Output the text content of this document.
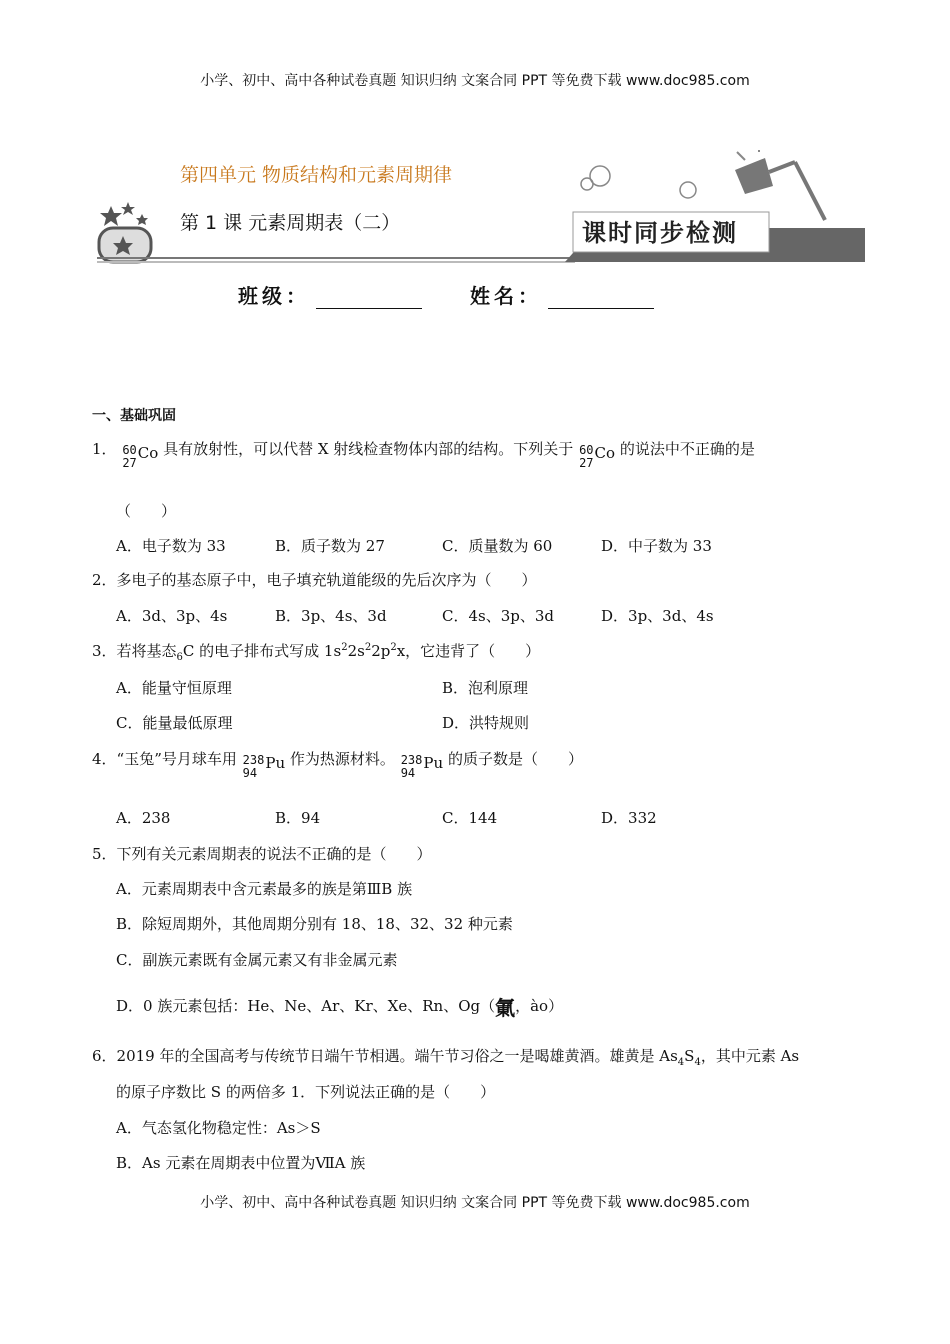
小学、初中、高中各种试卷真题 知识归纳 文案合同 PPT 等免费下载 www.doc985.com
小学、初中、高中各种试卷真题 知识归纳 文案合同 PPT 等免费下载 www.doc985.com
第四单元 物质结构和元素周期律
第 1 课 元素周期表（二）	课时同步检测
班级：	姓名：
一、基础巩固
1． 60
27
Co 具有放射性，可以代替 X 射线检查物体内部的结构。下列关于 60
27
Co 的说法中不正确的是
（　　）
A．电子数为 33	B．质子数为 27	C．质量数为 60	D．中子数为 33
2．多电子的基态原子中，电子填充轨道能级的先后次序为（　　）
A．3d、3p、4s	B．3p、4s、3d	C．4s、3p、3d	D．3p、3d、4s
3．若将基态$_6$C 的电子排布式写成 $1s^22s^22p^2x$，它违背了（　　）
A．能量守恒原理	B．泡利原理
C．能量最低原理	D．洪特规则
4．“玉兔”号月球车用 238
94
Pu 作为热源材料。 238
94
Pu 的质子数是（　　）
A．238	B．94	C．144	D．332
5．下列有关元素周期表的说法不正确的是（　　）
A．元素周期表中含元素最多的族是第ⅢB 族
B．除短周期外，其他周期分别有 18、18、32、32 种元素
C．副族元素既有金属元素又有非金属元素
D．0 族元素包括：He、Ne、Ar、Kr、Xe、Rn、Og（氭，ào）
6．2019 年的全国高考与传统节日端午节相遇。端午节习俗之一是喝雄黄酒。雄黄是 $As_4S_4$，其中元素 As
的原子序数比 S 的两倍多 1．下列说法正确的是（　　）
A．气态氢化物稳定性：As＞S
B．As 元素在周期表中位置为ⅦA 族
